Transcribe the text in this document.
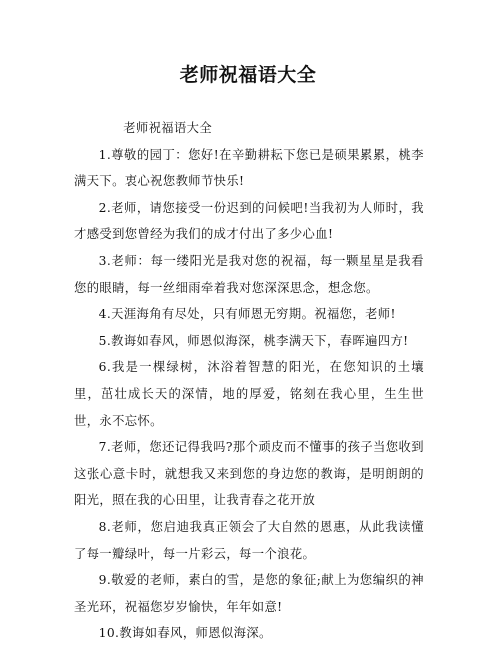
老师祝福语大全

老师祝福语大全

1.尊敬的园丁：您好!在辛勤耕耘下您已是硕果累累，桃李满天下。衷心祝您教师节快乐!

2.老师，请您接受一份迟到的问候吧!当我初为人师时，我才感受到您曾经为我们的成才付出了多少心血!

3.老师：每一缕阳光是我对您的祝福，每一颗星星是我看您的眼睛，每一丝细雨牵着我对您深深思念，想念您。

4.天涯海角有尽处，只有师恩无穷期。祝福您，老师!

5.教诲如春风，师恩似海深，桃李满天下，春晖遍四方!

6.我是一棵绿树，沐浴着智慧的阳光，在您知识的土壤里，茁壮成长天的深情，地的厚爱，铭刻在我心里，生生世世，永不忘怀。

7.老师，您还记得我吗?那个顽皮而不懂事的孩子当您收到这张心意卡时，就想我又来到您的身边您的教诲，是明朗朗的阳光，照在我的心田里，让我青春之花开放

8.老师，您启迪我真正领会了大自然的恩惠，从此我读懂了每一瓣绿叶，每一片彩云，每一个浪花。

9.敬爱的老师，素白的雪，是您的象征;献上为您编织的神圣光环，祝福您岁岁愉快，年年如意!

10.教诲如春风，师恩似海深。
